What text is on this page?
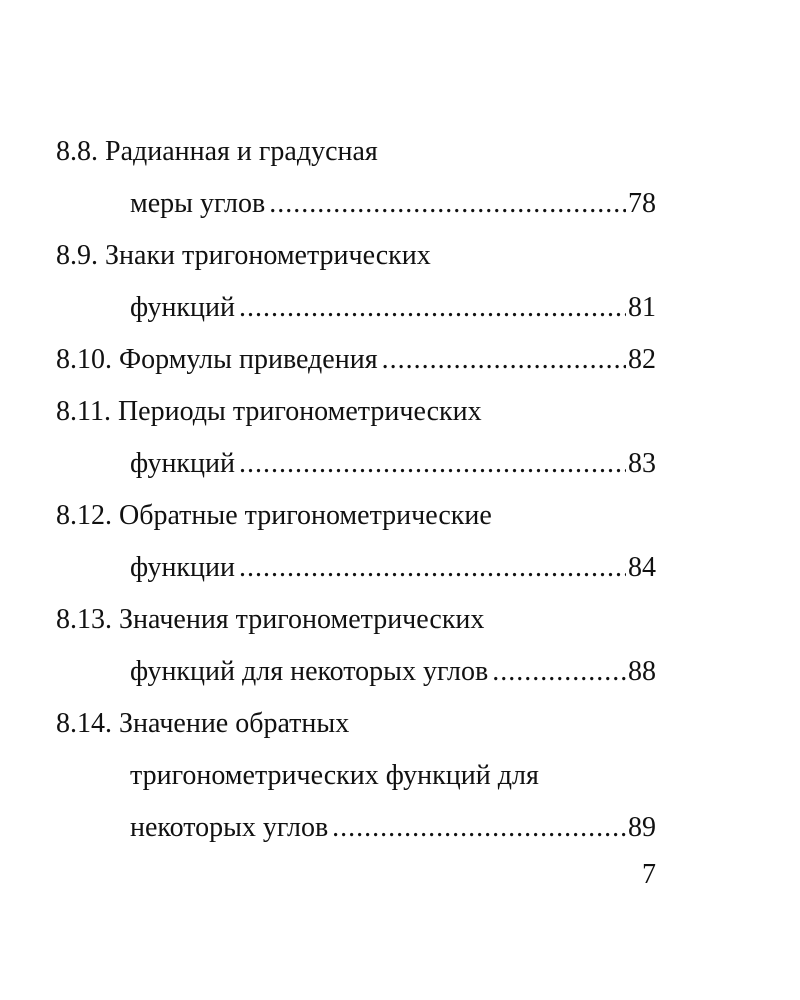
8.8. Радианная и градусная
меры углов .....	78
8.9. Знаки тригонометрических
функций .....	81
8.10. Формулы приведения .....	82
8.11. Периоды тригонометрических
функций .....	83
8.12. Обратные тригонометрические
функции .....	84
8.13. Значения тригонометрических
функций для некоторых углов .....	88
8.14. Значение обратных
тригонометрических функций для
некоторых углов .....	89
7
